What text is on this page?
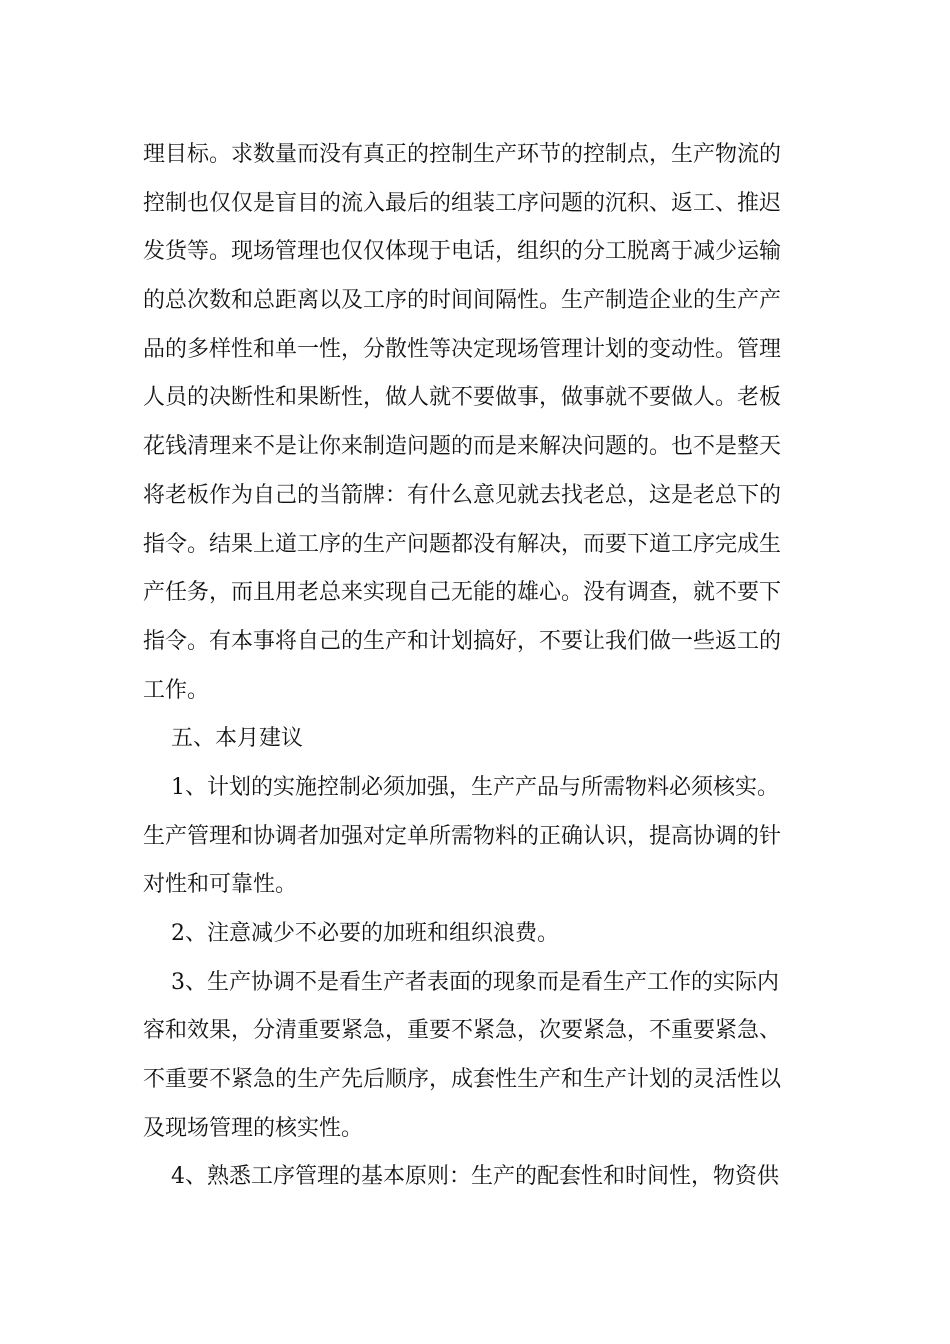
理目标。求数量而没有真正的控制生产环节的控制点，生产物流的

控制也仅仅是盲目的流入最后的组装工序问题的沉积、返工、推迟

发货等。现场管理也仅仅体现于电话，组织的分工脱离于减少运输

的总次数和总距离以及工序的时间间隔性。生产制造企业的生产产

品的多样性和单一性，分散性等决定现场管理计划的变动性。管理

人员的决断性和果断性，做人就不要做事，做事就不要做人。老板

花钱清理来不是让你来制造问题的而是来解决问题的。也不是整天

将老板作为自己的当箭牌：有什么意见就去找老总，这是老总下的

指令。结果上道工序的生产问题都没有解决，而要下道工序完成生

产任务，而且用老总来实现自己无能的雄心。没有调查，就不要下

指令。有本事将自己的生产和计划搞好，不要让我们做一些返工的

工作。

五、本月建议

1、计划的实施控制必须加强，生产产品与所需物料必须核实。

生产管理和协调者加强对定单所需物料的正确认识，提高协调的针

对性和可靠性。

2、注意减少不必要的加班和组织浪费。

3、生产协调不是看生产者表面的现象而是看生产工作的实际内

容和效果，分清重要紧急，重要不紧急，次要紧急，不重要紧急、

不重要不紧急的生产先后顺序，成套性生产和生产计划的灵活性以

及现场管理的核实性。

4、熟悉工序管理的基本原则：生产的配套性和时间性，物资供
